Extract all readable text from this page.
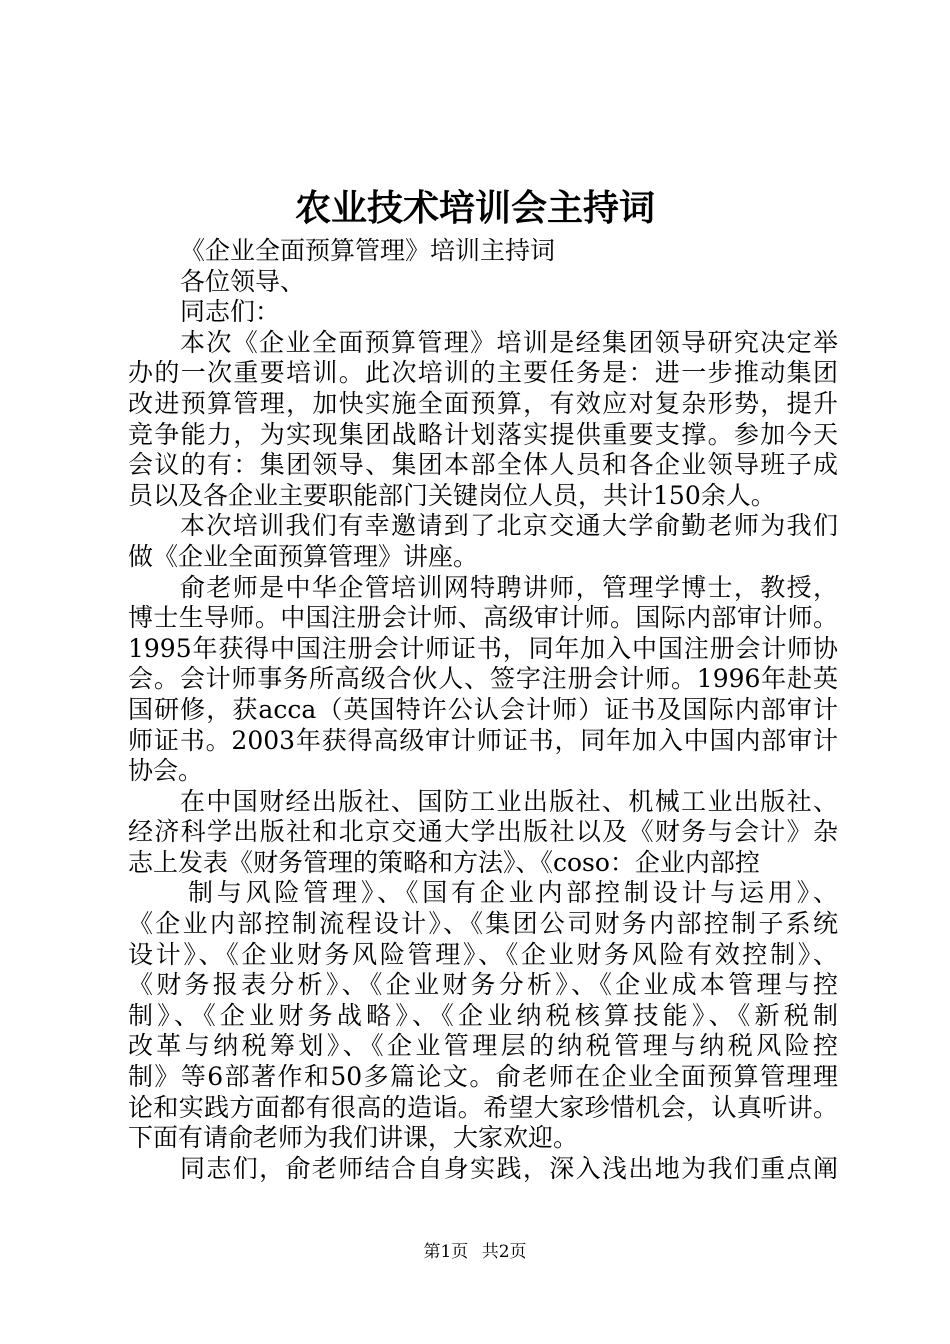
农业技术培训会主持词
《企业全面预算管理》培训主持词
各位领导、
同志们：
本次《企业全面预算管理》培训是经集团领导研究决定举
办的一次重要培训。此次培训的主要任务是：进一步推动集团
改进预算管理，加快实施全面预算，有效应对复杂形势，提升
竞争能力，为实现集团战略计划落实提供重要支撑。参加今天
会议的有：集团领导、集团本部全体人员和各企业领导班子成
员以及各企业主要职能部门关键岗位人员，共计150余人。
本次培训我们有幸邀请到了北京交通大学俞勤老师为我们
做《企业全面预算管理》讲座。
俞老师是中华企管培训网特聘讲师，管理学博士，教授，
博士生导师。中国注册会计师、高级审计师。国际内部审计师。
1995年获得中国注册会计师证书，同年加入中国注册会计师协
会。会计师事务所高级合伙人、签字注册会计师。1996年赴英
国研修，获acca（英国特许公认会计师）证书及国际内部审计
师证书。2003年获得高级审计师证书，同年加入中国内部审计
协会。
在中国财经出版社、国防工业出版社、机械工业出版社、
经济科学出版社和北京交通大学出版社以及《财务与会计》杂
志上发表《财务管理的策略和方法》、《coso：企业内部控
制与风险管理》、《国有企业内部控制设计与运用》、
《企业内部控制流程设计》、《集团公司财务内部控制子系统
设计》、《企业财务风险管理》、《企业财务风险有效控制》、
《财务报表分析》、《企业财务分析》、《企业成本管理与控
制》、《企业财务战略》、《企业纳税核算技能》、《新税制
改革与纳税筹划》、《企业管理层的纳税管理与纳税风险控
制》等6部著作和50多篇论文。俞老师在企业全面预算管理理
论和实践方面都有很高的造诣。希望大家珍惜机会，认真听讲。
下面有请俞老师为我们讲课，大家欢迎。
同志们，俞老师结合自身实践，深入浅出地为我们重点阐
第1页 共2页
